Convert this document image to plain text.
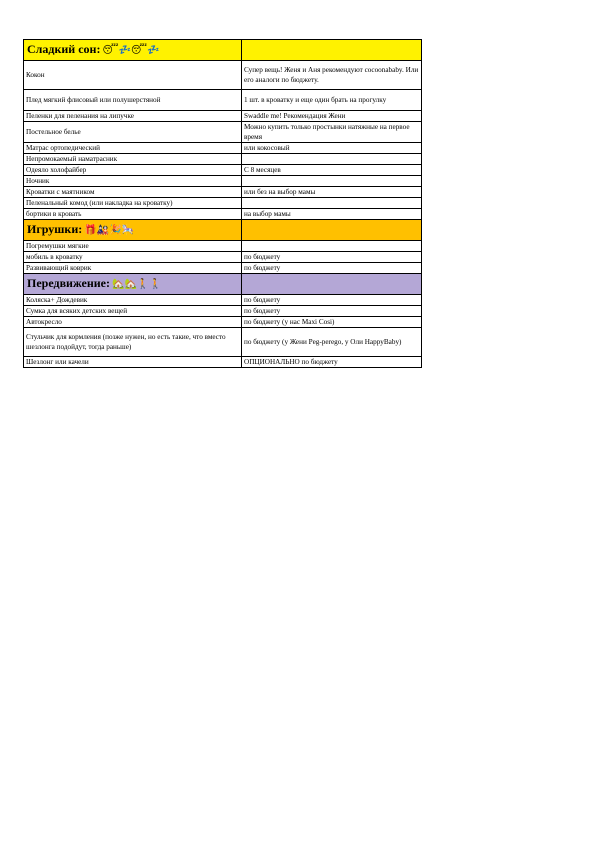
Сладкий сон: 😴💤😴💤	
Кокон	Супер вещь! Женя и Аня рекомендуют cocoonababy. Или его аналоги по бюджету.
Плед мягкий флисовый или полушерстяной	1 шт. в кроватку и еще один брать на прогулку
Пеленки для пеленания на липучке	Swaddle me! Рекомендация Жени
Постельное белье	Можно купить только простынки натяжные на первое время
Матрас ортопедический	или кокосовый
Непромокаемый наматрасник	
Одеяло холофайбер	С 8 месяцев
Ночник	
Кроватки с маятником	или без на выбор мамы
Пеленальный комод (или накладка на кроватку)	
бортики в кровать	на выбор мамы
Игрушки: 🎁🎎🎉🎠	
Погремушки мягкие	
мобиль в кроватку	по бюджету
Развивающий коврик	по бюджету
Передвижение: 🏡🏡🚶🚶	
Коляска+ Дождевик	по бюджету
Сумка для всяких детских вещей	по бюджету
Автокресло	по бюджету (у нас Maxi Cosi)
Стульчик для кормления (позже нужен, но есть такие, что вместо шезлонга подойдут, тогда раньше)	по бюджету (у Жени Peg-perego, у Оли HappyBaby)
Шезлонг или качели	ОПЦИОНАЛЬНО по бюджету
